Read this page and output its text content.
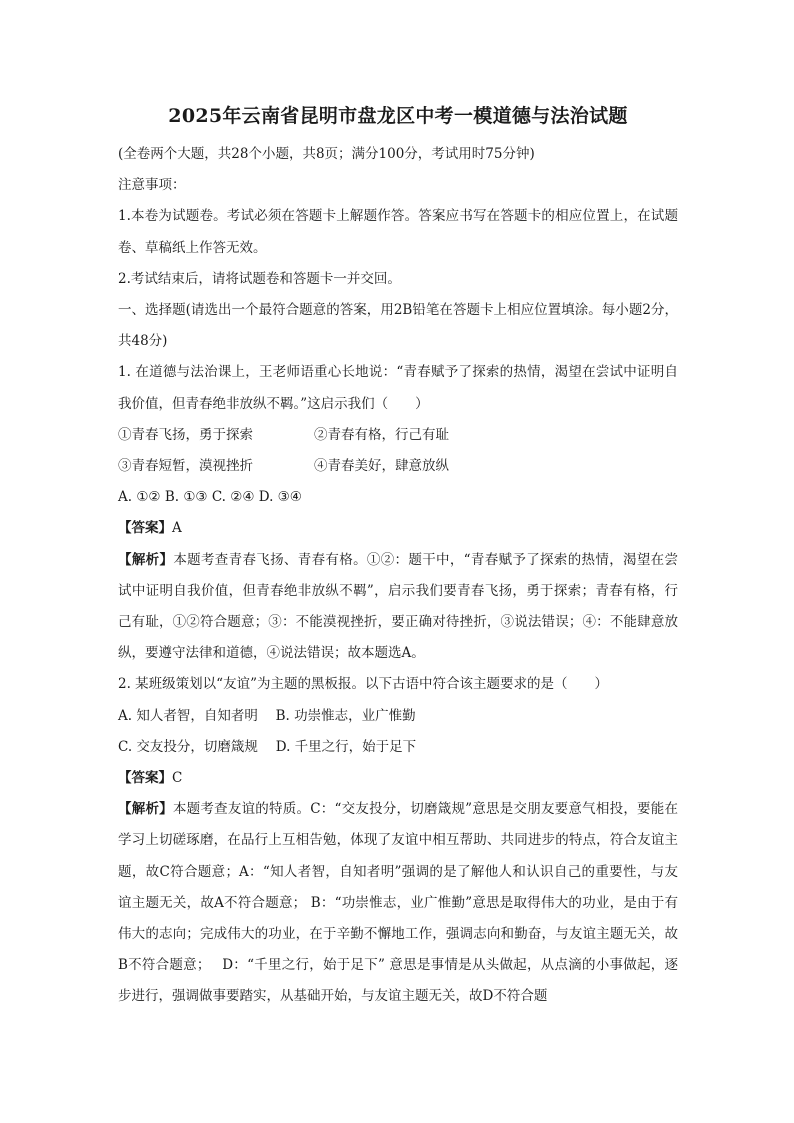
2025年云南省昆明市盘龙区中考一模道德与法治试题
(全卷两个大题，共28个小题，共8页；满分100分，考试用时75分钟)
注意事项：

1.本卷为试题卷。考试必须在答题卡上解题作答。答案应书写在答题卡的相应位置上，在试题卷、草稿纸上作答无效。

2.考试结束后，请将试题卷和答题卡一并交回。

一、选择题(请选出一个最符合题意的答案，用2B铅笔在答题卡上相应位置填涂。每小题2分，共48分)

1. 在道德与法治课上，王老师语重心长地说：“青春赋予了探索的热情，渴望在尝试中证明自我价值，但青春绝非放纵不羁。”这启示我们（　　）

①青春飞扬，勇于探索	②青春有格，行己有耻
③青春短暂，漠视挫折	④青春美好，肆意放纵
A. ①② B. ①③ C. ②④ D. ③④
【答案】A

【解析】本题考查青春飞扬、青春有格。①②：题干中，“青春赋予了探索的热情，渴望在尝试中证明自我价值，但青春绝非放纵不羁”，启示我们要青春飞扬，勇于探索；青春有格，行己有耻，①②符合题意；③：不能漠视挫折，要正确对待挫折，③说法错误；④：不能肆意放纵，要遵守法律和道德，④说法错误；故本题选A。

2. 某班级策划以“友谊”为主题的黑板报。以下古语中符合该主题要求的是（　　）
A. 知人者智，自知者明　 B. 功崇惟志，业广惟勤
C. 交友投分，切磨箴规　 D. 千里之行，始于足下
【答案】C

【解析】本题考查友谊的特质。C：“交友投分，切磨箴规”意思是交朋友要意气相投，要能在学习上切磋琢磨，在品行上互相告勉，体现了友谊中相互帮助、共同进步的特点，符合友谊主题，故C符合题意；A：“知人者智，自知者明”强调的是了解他人和认识自己的重要性，与友谊主题无关，故A不符合题意； B：“功崇惟志，业广惟勤”意思是取得伟大的功业，是由于有伟大的志向；完成伟大的功业，在于辛勤不懈地工作，强调志向和勤奋，与友谊主题无关，故B不符合题意；　 D：“千里之行，始于足下” 意思是事情是从头做起，从点滴的小事做起，逐步进行，强调做事要踏实，从基础开始，与友谊主题无关，故D不符合题
